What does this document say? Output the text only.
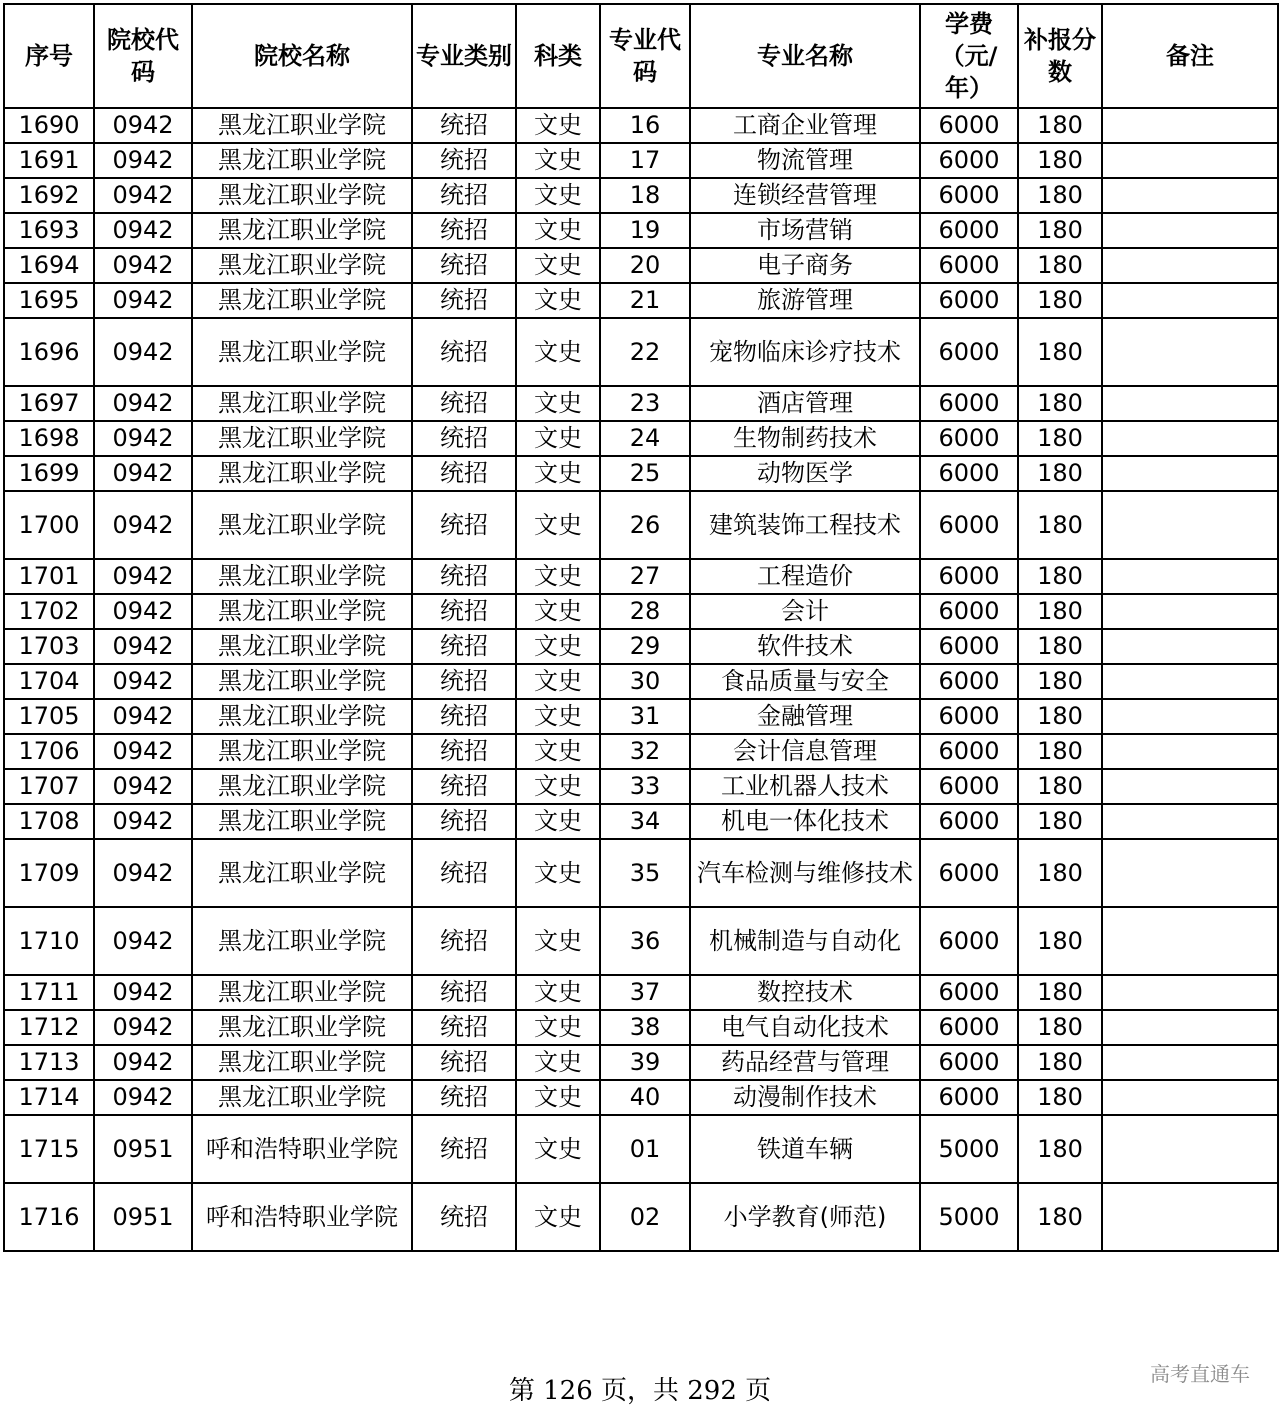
序号	院校代码	院校名称	专业类别	科类	专业代码	专业名称	学费（元/年）	补报分数	备注
1690	0942	黑龙江职业学院	统招	文史	16	工商企业管理	6000	180	
1691	0942	黑龙江职业学院	统招	文史	17	物流管理	6000	180	
1692	0942	黑龙江职业学院	统招	文史	18	连锁经营管理	6000	180	
1693	0942	黑龙江职业学院	统招	文史	19	市场营销	6000	180	
1694	0942	黑龙江职业学院	统招	文史	20	电子商务	6000	180	
1695	0942	黑龙江职业学院	统招	文史	21	旅游管理	6000	180	
1696	0942	黑龙江职业学院	统招	文史	22	宠物临床诊疗技术	6000	180	
1697	0942	黑龙江职业学院	统招	文史	23	酒店管理	6000	180	
1698	0942	黑龙江职业学院	统招	文史	24	生物制药技术	6000	180	
1699	0942	黑龙江职业学院	统招	文史	25	动物医学	6000	180	
1700	0942	黑龙江职业学院	统招	文史	26	建筑装饰工程技术	6000	180	
1701	0942	黑龙江职业学院	统招	文史	27	工程造价	6000	180	
1702	0942	黑龙江职业学院	统招	文史	28	会计	6000	180	
1703	0942	黑龙江职业学院	统招	文史	29	软件技术	6000	180	
1704	0942	黑龙江职业学院	统招	文史	30	食品质量与安全	6000	180	
1705	0942	黑龙江职业学院	统招	文史	31	金融管理	6000	180	
1706	0942	黑龙江职业学院	统招	文史	32	会计信息管理	6000	180	
1707	0942	黑龙江职业学院	统招	文史	33	工业机器人技术	6000	180	
1708	0942	黑龙江职业学院	统招	文史	34	机电一体化技术	6000	180	
1709	0942	黑龙江职业学院	统招	文史	35	汽车检测与维修技术	6000	180	
1710	0942	黑龙江职业学院	统招	文史	36	机械制造与自动化	6000	180	
1711	0942	黑龙江职业学院	统招	文史	37	数控技术	6000	180	
1712	0942	黑龙江职业学院	统招	文史	38	电气自动化技术	6000	180	
1713	0942	黑龙江职业学院	统招	文史	39	药品经营与管理	6000	180	
1714	0942	黑龙江职业学院	统招	文史	40	动漫制作技术	6000	180	
1715	0951	呼和浩特职业学院	统招	文史	01	铁道车辆	5000	180	
1716	0951	呼和浩特职业学院	统招	文史	02	小学教育(师范)	5000	180	
第 126 页，共 292 页
高考直通车
